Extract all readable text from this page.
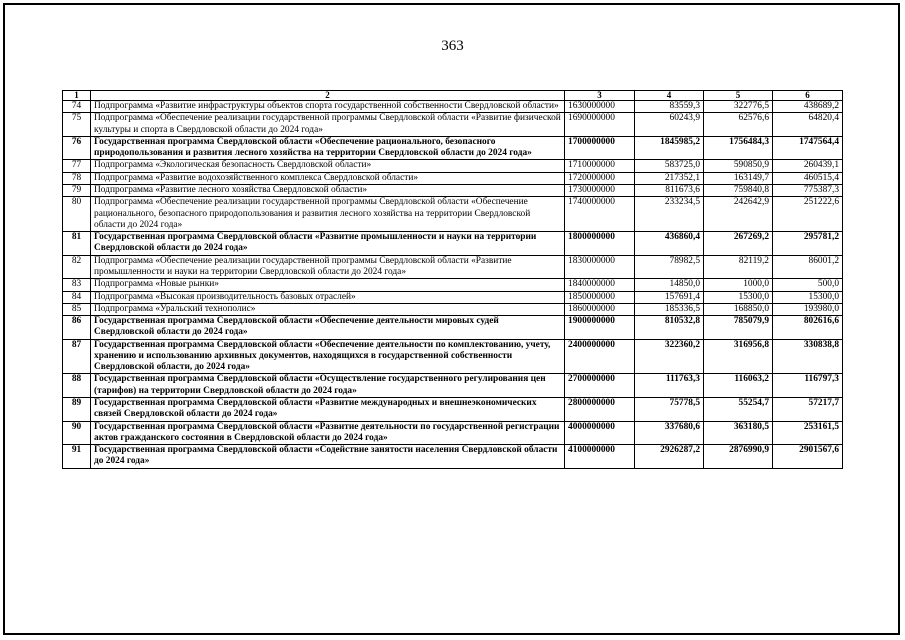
363
1	2	3	4	5	6
74	Подпрограмма «Развитие инфраструктуры объектов спорта государственной собственности Свердловской области»	1630000000	83559,3	322776,5	438689,2
75	Подпрограмма «Обеспечение реализации государственной программы Свердловской области «Развитие физической культуры и спорта в Свердловской области до 2024 года»	1690000000	60243,9	62576,6	64820,4
76	Государственная программа Свердловской области «Обеспечение рационального, безопасного природопользования и развития лесного хозяйства на территории Свердловской области до 2024 года»	1700000000	1845985,2	1756484,3	1747564,4
77	Подпрограмма «Экологическая безопасность Свердловской области»	1710000000	583725,0	590850,9	260439,1
78	Подпрограмма «Развитие водохозяйственного комплекса Свердловской области»	1720000000	217352,1	163149,7	460515,4
79	Подпрограмма «Развитие лесного хозяйства Свердловской области»	1730000000	811673,6	759840,8	775387,3
80	Подпрограмма «Обеспечение реализации государственной программы Свердловской области «Обеспечение рационального, безопасного природопользования и развития лесного хозяйства на территории Свердловской области до 2024 года»	1740000000	233234,5	242642,9	251222,6
81	Государственная программа Свердловской области «Развитие промышленности и науки на территории Свердловской области до 2024 года»	1800000000	436860,4	267269,2	295781,2
82	Подпрограмма «Обеспечение реализации государственной программы Свердловской области «Развитие промышленности и науки на территории Свердловской области до 2024 года»	1830000000	78982,5	82119,2	86001,2
83	Подпрограмма «Новые рынки»	1840000000	14850,0	1000,0	500,0
84	Подпрограмма «Высокая производительность базовых отраслей»	1850000000	157691,4	15300,0	15300,0
85	Подпрограмма «Уральский технополис»	1860000000	185336,5	168850,0	193980,0
86	Государственная программа Свердловской области «Обеспечение деятельности мировых судей Свердловской области до 2024 года»	1900000000	810532,8	785079,9	802616,6
87	Государственная программа Свердловской области «Обеспечение деятельности по комплектованию, учету, хранению и использованию архивных документов, находящихся в государственной собственности Свердловской области, до 2024 года»	2400000000	322360,2	316956,8	330838,8
88	Государственная программа Свердловской области «Осуществление государственного регулирования цен (тарифов) на территории Свердловской области до 2024 года»	2700000000	111763,3	116063,2	116797,3
89	Государственная программа Свердловской области «Развитие международных и внешнеэкономических связей Свердловской области до 2024 года»	2800000000	75778,5	55254,7	57217,7
90	Государственная программа Свердловской области «Развитие деятельности по государственной регистрации актов гражданского состояния в Свердловской области до 2024 года»	4000000000	337680,6	363180,5	253161,5
91	Государственная программа Свердловской области «Содействие занятости населения Свердловской области до 2024 года»	4100000000	2926287,2	2876990,9	2901567,6
